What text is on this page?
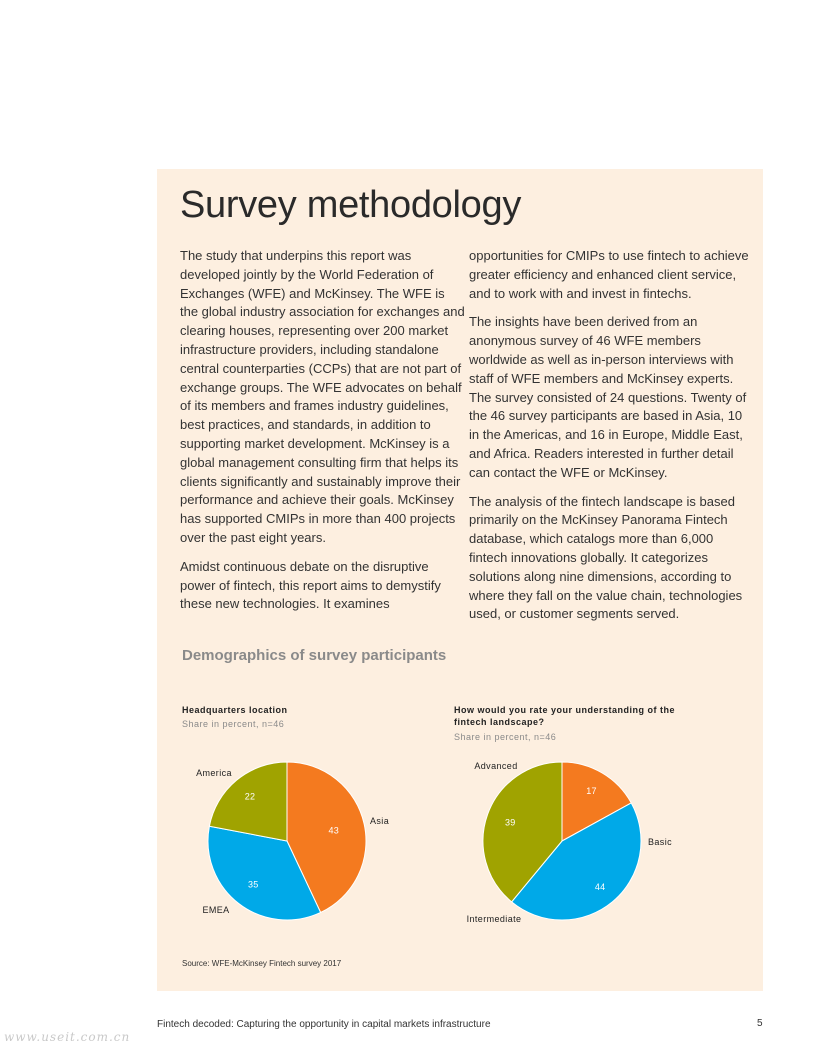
Survey methodology

The study that underpins this report was developed jointly by the World Federation of Exchanges (WFE) and McKinsey. The WFE is the global industry association for exchanges and clearing houses, representing over 200 market infrastructure providers, including standalone central counterparties (CCPs) that are not part of exchange groups. The WFE advocates on behalf of its members and frames industry guidelines, best practices, and standards, in addition to supporting market development. McKinsey is a global management consulting firm that helps its clients significantly and sustainably improve their performance and achieve their goals. McKinsey has supported CMIPs in more than 400 projects over the past eight years.

Amidst continuous debate on the disruptive power of fintech, this report aims to demystify these new technologies. It examines

opportunities for CMIPs to use fintech to achieve greater efficiency and enhanced client service, and to work with and invest in fintechs.

The insights have been derived from an anonymous survey of 46 WFE members worldwide as well as in-person interviews with staff of WFE members and McKinsey experts. The survey consisted of 24 questions. Twenty of the 46 survey participants are based in Asia, 10 in the Americas, and 16 in Europe, Middle East, and Africa. Readers interested in further detail can contact the WFE or McKinsey.

The analysis of the fintech landscape is based primarily on the McKinsey Panorama Fintech database, which catalogs more than 6,000 fintech innovations globally. It categorizes solutions along nine dimensions, according to where they fall on the value chain, technologies used, or customer segments served.

Demographics of survey participants
Headquarters location
Share in percent, n=46
43
Asia
35
EMEA
22
America
How would you rate your understanding of the fintech landscape?
Share in percent, n=46
17
Basic
44
Intermediate
39
Advanced
Source: WFE-McKinsey Fintech survey 2017
Fintech decoded: Capturing the opportunity in capital markets infrastructure	5
www.useit.com.cn
